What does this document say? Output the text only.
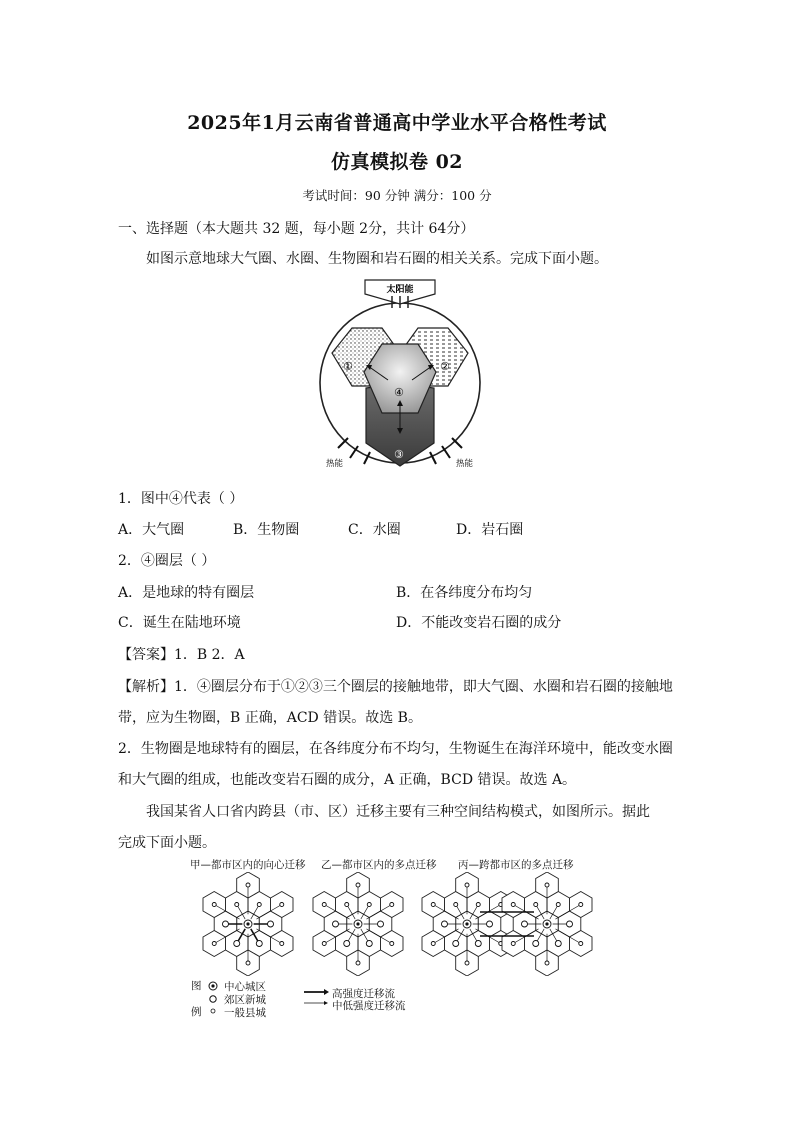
2025年1月云南省普通高中学业水平合格性考试
仿真模拟卷 02
考试时间：90 分钟 满分：100 分
一、选择题（本大题共 32 题，每小题 2分，共计 64分）
如图示意地球大气圈、水圈、生物圈和岩石圈的相关关系。完成下面小题。
太阳能
①	②
④
③
热能	热能
1．图中④代表（ ）
A．大气圈	B．生物圈	C．水圈	D．岩石圈
2．④圈层（ ）
A．是地球的特有圈层	B．在各纬度分布均匀
C．诞生在陆地环境	D．不能改变岩石圈的成分
【答案】1．B 2．A
【解析】1．④圈层分布于①②③三个圈层的接触地带，即大气圈、水圈和岩石圈的接触地
带，应为生物圈，B 正确，ACD 错误。故选 B。
2．生物圈是地球特有的圈层，在各纬度分布不均匀，生物诞生在海洋环境中，能改变水圈
和大气圈的组成，也能改变岩石圈的成分，A 正确，BCD 错误。故选 A。
我国某省人口省内跨县（市、区）迁移主要有三种空间结构模式，如图所示。据此
完成下面小题。
甲—都市区内的向心迁移 乙—都市区内的多点迁移 丙—跨都市区的多点迁移
图
例
中心城区
郊区新城
一般县城
高强度迁移流
中低强度迁移流
